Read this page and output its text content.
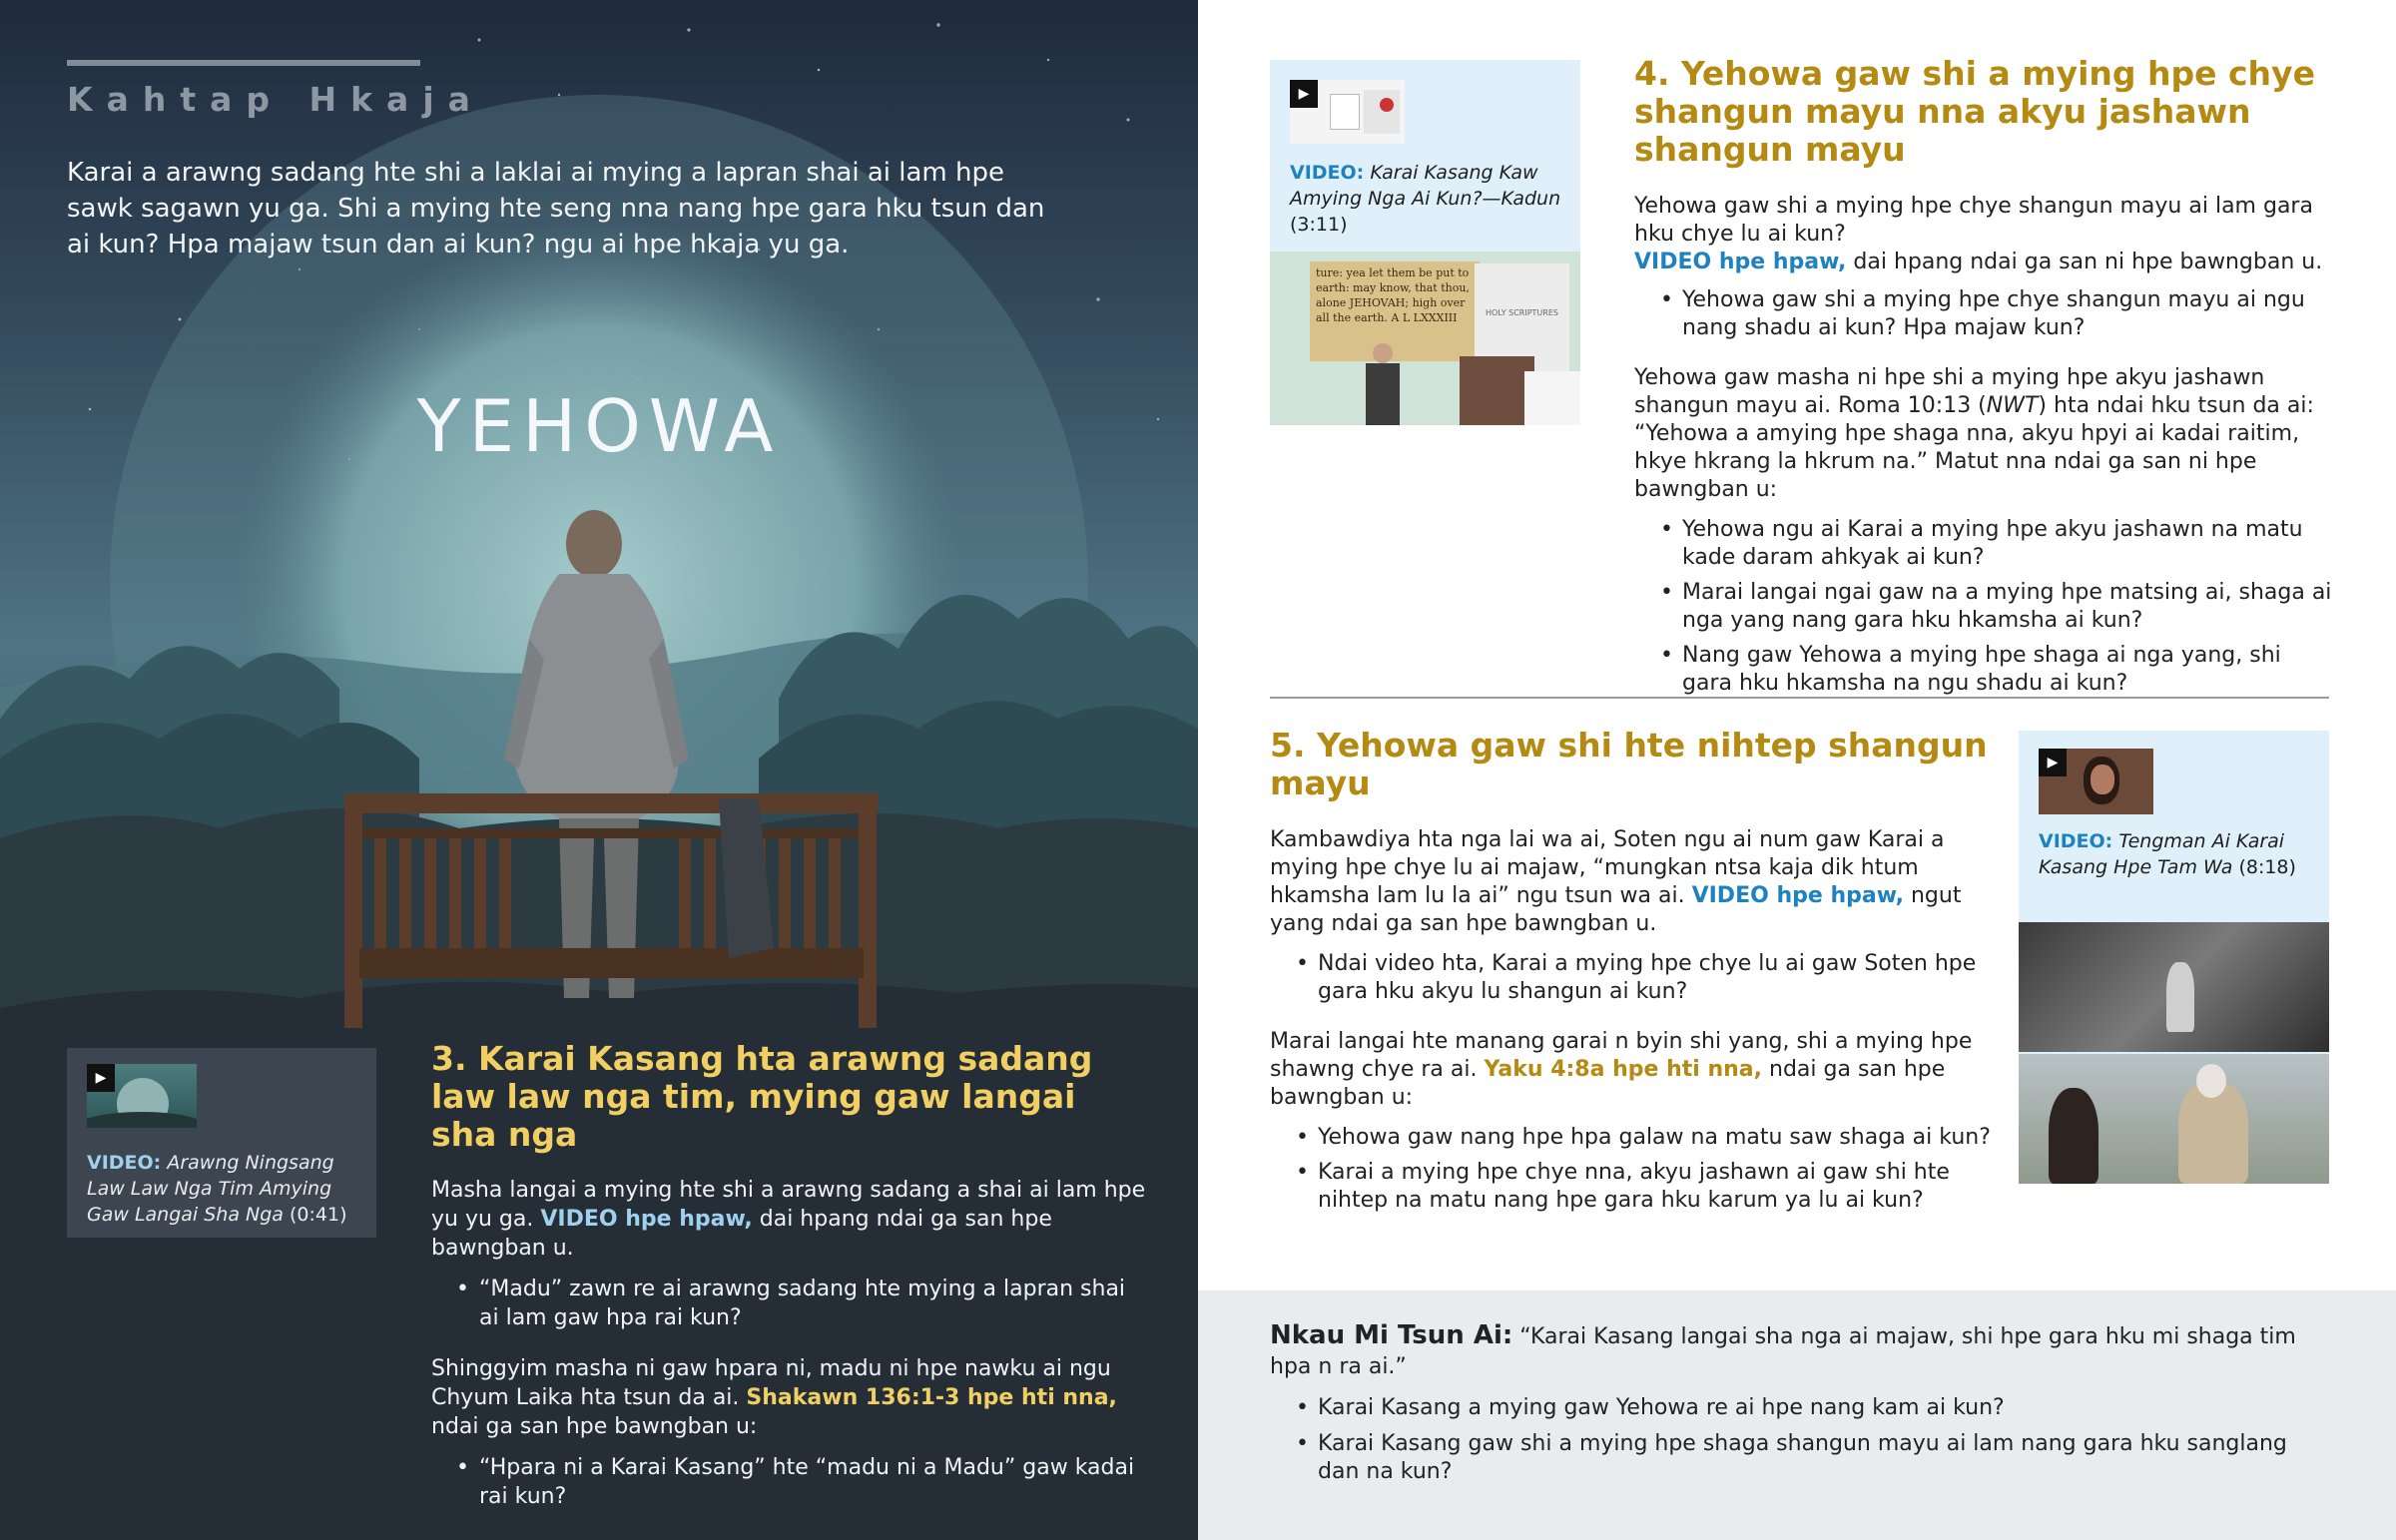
Kahtap Hkaja
Karai a arawng sadang hte shi a laklai ai mying a lapran shai ai lam hpe sawk sagawn yu ga. Shi a mying hte seng nna nang hpe gara hku tsun dan ai kun? Hpa majaw tsun dan ai kun? ngu ai hpe hkaja yu ga.
YEHOWA
▶
VIDEO: Arawng Ningsang Law Law Nga Tim Amying Gaw Langai Sha Nga (0:41)
3. Karai Kasang hta arawng sadang law law nga tim, mying gaw langai sha nga

Masha langai a mying hte shi a arawng sadang a shai ai lam hpe yu yu ga. VIDEO hpe hpaw, dai hpang ndai ga san hpe bawngban u.

• “Madu” zawn re ai arawng sadang hte mying a lapran shai ai lam gaw hpa rai kun?

Shinggyim masha ni gaw hpara ni, madu ni hpe nawku ai ngu Chyum Laika hta tsun da ai. Shakawn 136:1-3 hpe hti nna, ndai ga san hpe bawngban u:

• “Hpara ni a Karai Kasang” hte “madu ni a Madu” gaw kadai rai kun?
▶
VIDEO: Karai Kasang Kaw Amying Nga Ai Kun?—Kadun (3:11)
ture: yea let them be put to earth: may know, that thou, alone JEHOVAH; high over all the earth. A L LXXXIII	HOLY SCRIPTURES
4. Yehowa gaw shi a mying hpe chye shangun mayu nna akyu jashawn shangun mayu

Yehowa gaw shi a mying hpe chye shangun mayu ai lam gara hku chye lu ai kun?
VIDEO hpe hpaw, dai hpang ndai ga san ni hpe bawngban u.

• Yehowa gaw shi a mying hpe chye shangun mayu ai ngu nang shadu ai kun? Hpa majaw kun?

Yehowa gaw masha ni hpe shi a mying hpe akyu jashawn shangun mayu ai. Roma 10:13 (NWT) hta ndai hku tsun da ai: “Yehowa a amying hpe shaga nna, akyu hpyi ai kadai raitim, hkye hkrang la hkrum na.” Matut nna ndai ga san ni hpe bawngban u:

• Yehowa ngu ai Karai a mying hpe akyu jashawn na matu kade daram ahkyak ai kun?
• Marai langai ngai gaw na a mying hpe matsing ai, shaga ai nga yang nang gara hku hkamsha ai kun?
• Nang gaw Yehowa a mying hpe shaga ai nga yang, shi gara hku hkamsha na ngu shadu ai kun?
5. Yehowa gaw shi hte nihtep shangun mayu

Kambawdiya hta nga lai wa ai, Soten ngu ai num gaw Karai a mying hpe chye lu ai majaw, “mungkan ntsa kaja dik htum hkamsha lam lu la ai” ngu tsun wa ai. VIDEO hpe hpaw, ngut yang ndai ga san hpe bawngban u.

• Ndai video hta, Karai a mying hpe chye lu ai gaw Soten hpe gara hku akyu lu shangun ai kun?

Marai langai hte manang garai n byin shi yang, shi a mying hpe shawng chye ra ai. Yaku 4:8a hpe hti nna, ndai ga san hpe bawngban u:

• Yehowa gaw nang hpe hpa galaw na matu saw shaga ai kun?
• Karai a mying hpe chye nna, akyu jashawn ai gaw shi hte nihtep na matu nang hpe gara hku karum ya lu ai kun?
▶
VIDEO: Tengman Ai Karai Kasang Hpe Tam Wa (8:18)
Nkau Mi Tsun Ai: “Karai Kasang langai sha nga ai majaw, shi hpe gara hku mi shaga tim hpa n ra ai.”
• Karai Kasang a mying gaw Yehowa re ai hpe nang kam ai kun?
• Karai Kasang gaw shi a mying hpe shaga shangun mayu ai lam nang gara hku sanglang dan na kun?
